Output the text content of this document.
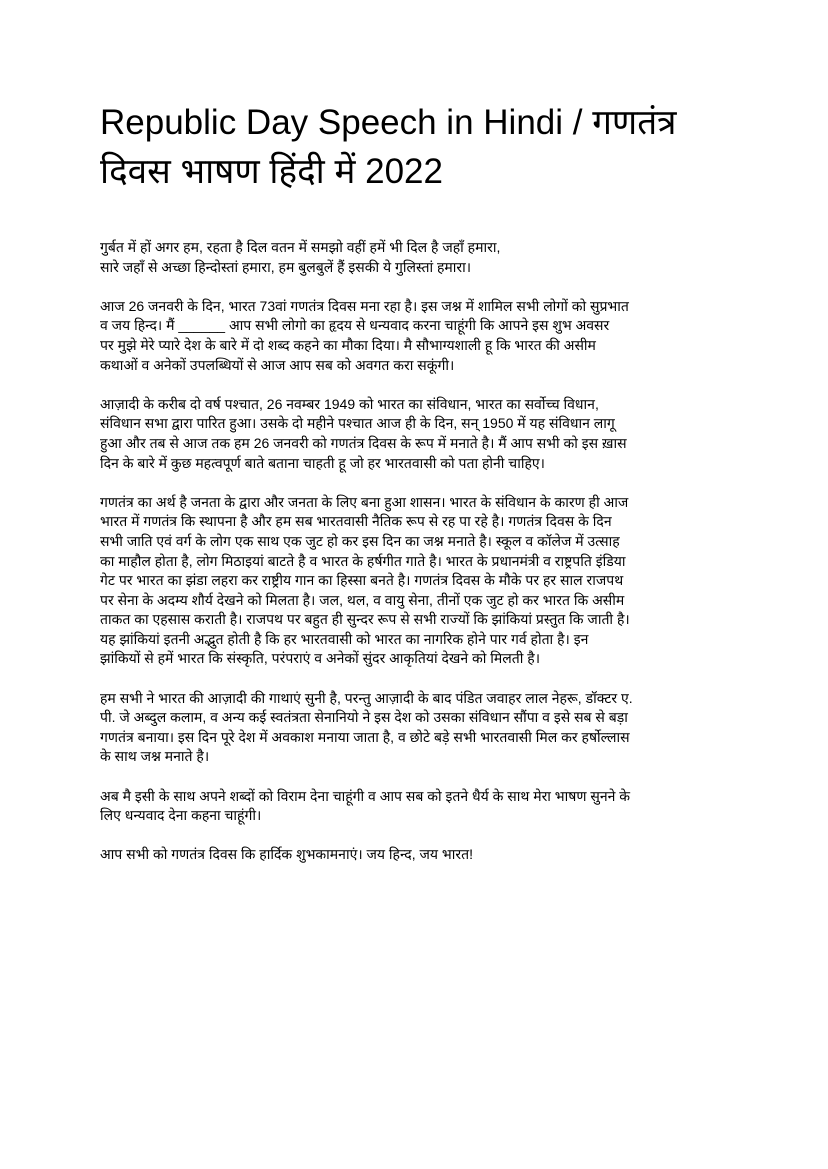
Republic Day Speech in Hindi / गणतंत्र
दिवस भाषण हिंदी में 2022

गुर्बत में हों अगर हम, रहता है दिल वतन में समझो वहीं हमें भी दिल है जहाँ हमारा,
सारे जहाँ से अच्छा हिन्दोस्तां हमारा, हम बुलबुलें हैं इसकी ये गुलिस्तां हमारा।

आज 26 जनवरी के दिन, भारत 73वां गणतंत्र दिवस मना रहा है। इस जश्न में शामिल सभी लोगों को सुप्रभात
व जय हिन्द। मैं ______ आप सभी लोगो का हृदय से धन्यवाद करना चाहूंगी कि आपने इस शुभ अवसर
पर मुझे मेरे प्यारे देश के बारे में दो शब्द कहने का मौका दिया। मै सौभाग्यशाली हू कि भारत की असीम
कथाओं व अनेकों उपलब्धियों से आज आप सब को अवगत करा सकूंगी।

आज़ादी के करीब दो वर्ष पश्चात, 26 नवम्बर 1949 को भारत का संविधान, भारत का सर्वोच्च विधान,
संविधान सभा द्वारा पारित हुआ। उसके दो महीने पश्चात आज ही के दिन, सन् 1950 में यह संविधान लागू
हुआ और तब से आज तक हम 26 जनवरी को गणतंत्र दिवस के रूप में मनाते है। मैं आप सभी को इस ख़ास
दिन के बारे में कुछ महत्वपूर्ण बाते बताना चाहती हू जो हर भारतवासी को पता होनी चाहिए।

गणतंत्र का अर्थ है जनता के द्वारा और जनता के लिए बना हुआ शासन। भारत के संविधान के कारण ही आज
भारत में गणतंत्र कि स्थापना है और हम सब भारतवासी नैतिक रूप से रह पा रहे है। गणतंत्र दिवस के दिन
सभी जाति एवं वर्ग के लोग एक साथ एक जुट हो कर इस दिन का जश्न मनाते है। स्कूल व कॉलेज में उत्साह
का माहौल होता है, लोग मिठाइयां बाटते है व भारत के हर्षगीत गाते है। भारत के प्रधानमंत्री व राष्ट्रपति इंडिया
गेट पर भारत का झंडा लहरा कर राष्ट्रीय गान का हिस्सा बनते है। गणतंत्र दिवस के मौके पर हर साल राजपथ
पर सेना के अदम्य शौर्य देखने को मिलता है। जल, थल, व वायु सेना, तीनों एक जुट हो कर भारत कि असीम
ताकत का एहसास कराती है। राजपथ पर बहुत ही सुन्दर रूप से सभी राज्यों कि झांकियां प्रस्तुत कि जाती है।
यह झांकियां इतनी अद्भुत होती है कि हर भारतवासी को भारत का नागरिक होने पार गर्व होता है। इन
झांकियों से हमें भारत कि संस्कृति, परंपराएं व अनेकों सुंदर आकृतियां देखने को मिलती है।

हम सभी ने भारत की आज़ादी की गाथाएं सुनी है, परन्तु आज़ादी के बाद पंडित जवाहर लाल नेहरू, डॉक्टर ए.
पी. जे अब्दुल कलाम, व अन्य कई स्वतंत्रता सेनानियो ने इस देश को उसका संविधान सौंपा व इसे सब से बड़ा
गणतंत्र बनाया। इस दिन पूरे देश में अवकाश मनाया जाता है, व छोटे बड़े सभी भारतवासी मिल कर हर्षोल्लास
के साथ जश्न मनाते है।

अब मै इसी के साथ अपने शब्दों को विराम देना चाहूंगी व आप सब को इतने धैर्य के साथ मेरा भाषण सुनने के
लिए धन्यवाद देना कहना चाहूंगी।

आप सभी को गणतंत्र दिवस कि हार्दिक शुभकामनाएं। जय हिन्द, जय भारत!
